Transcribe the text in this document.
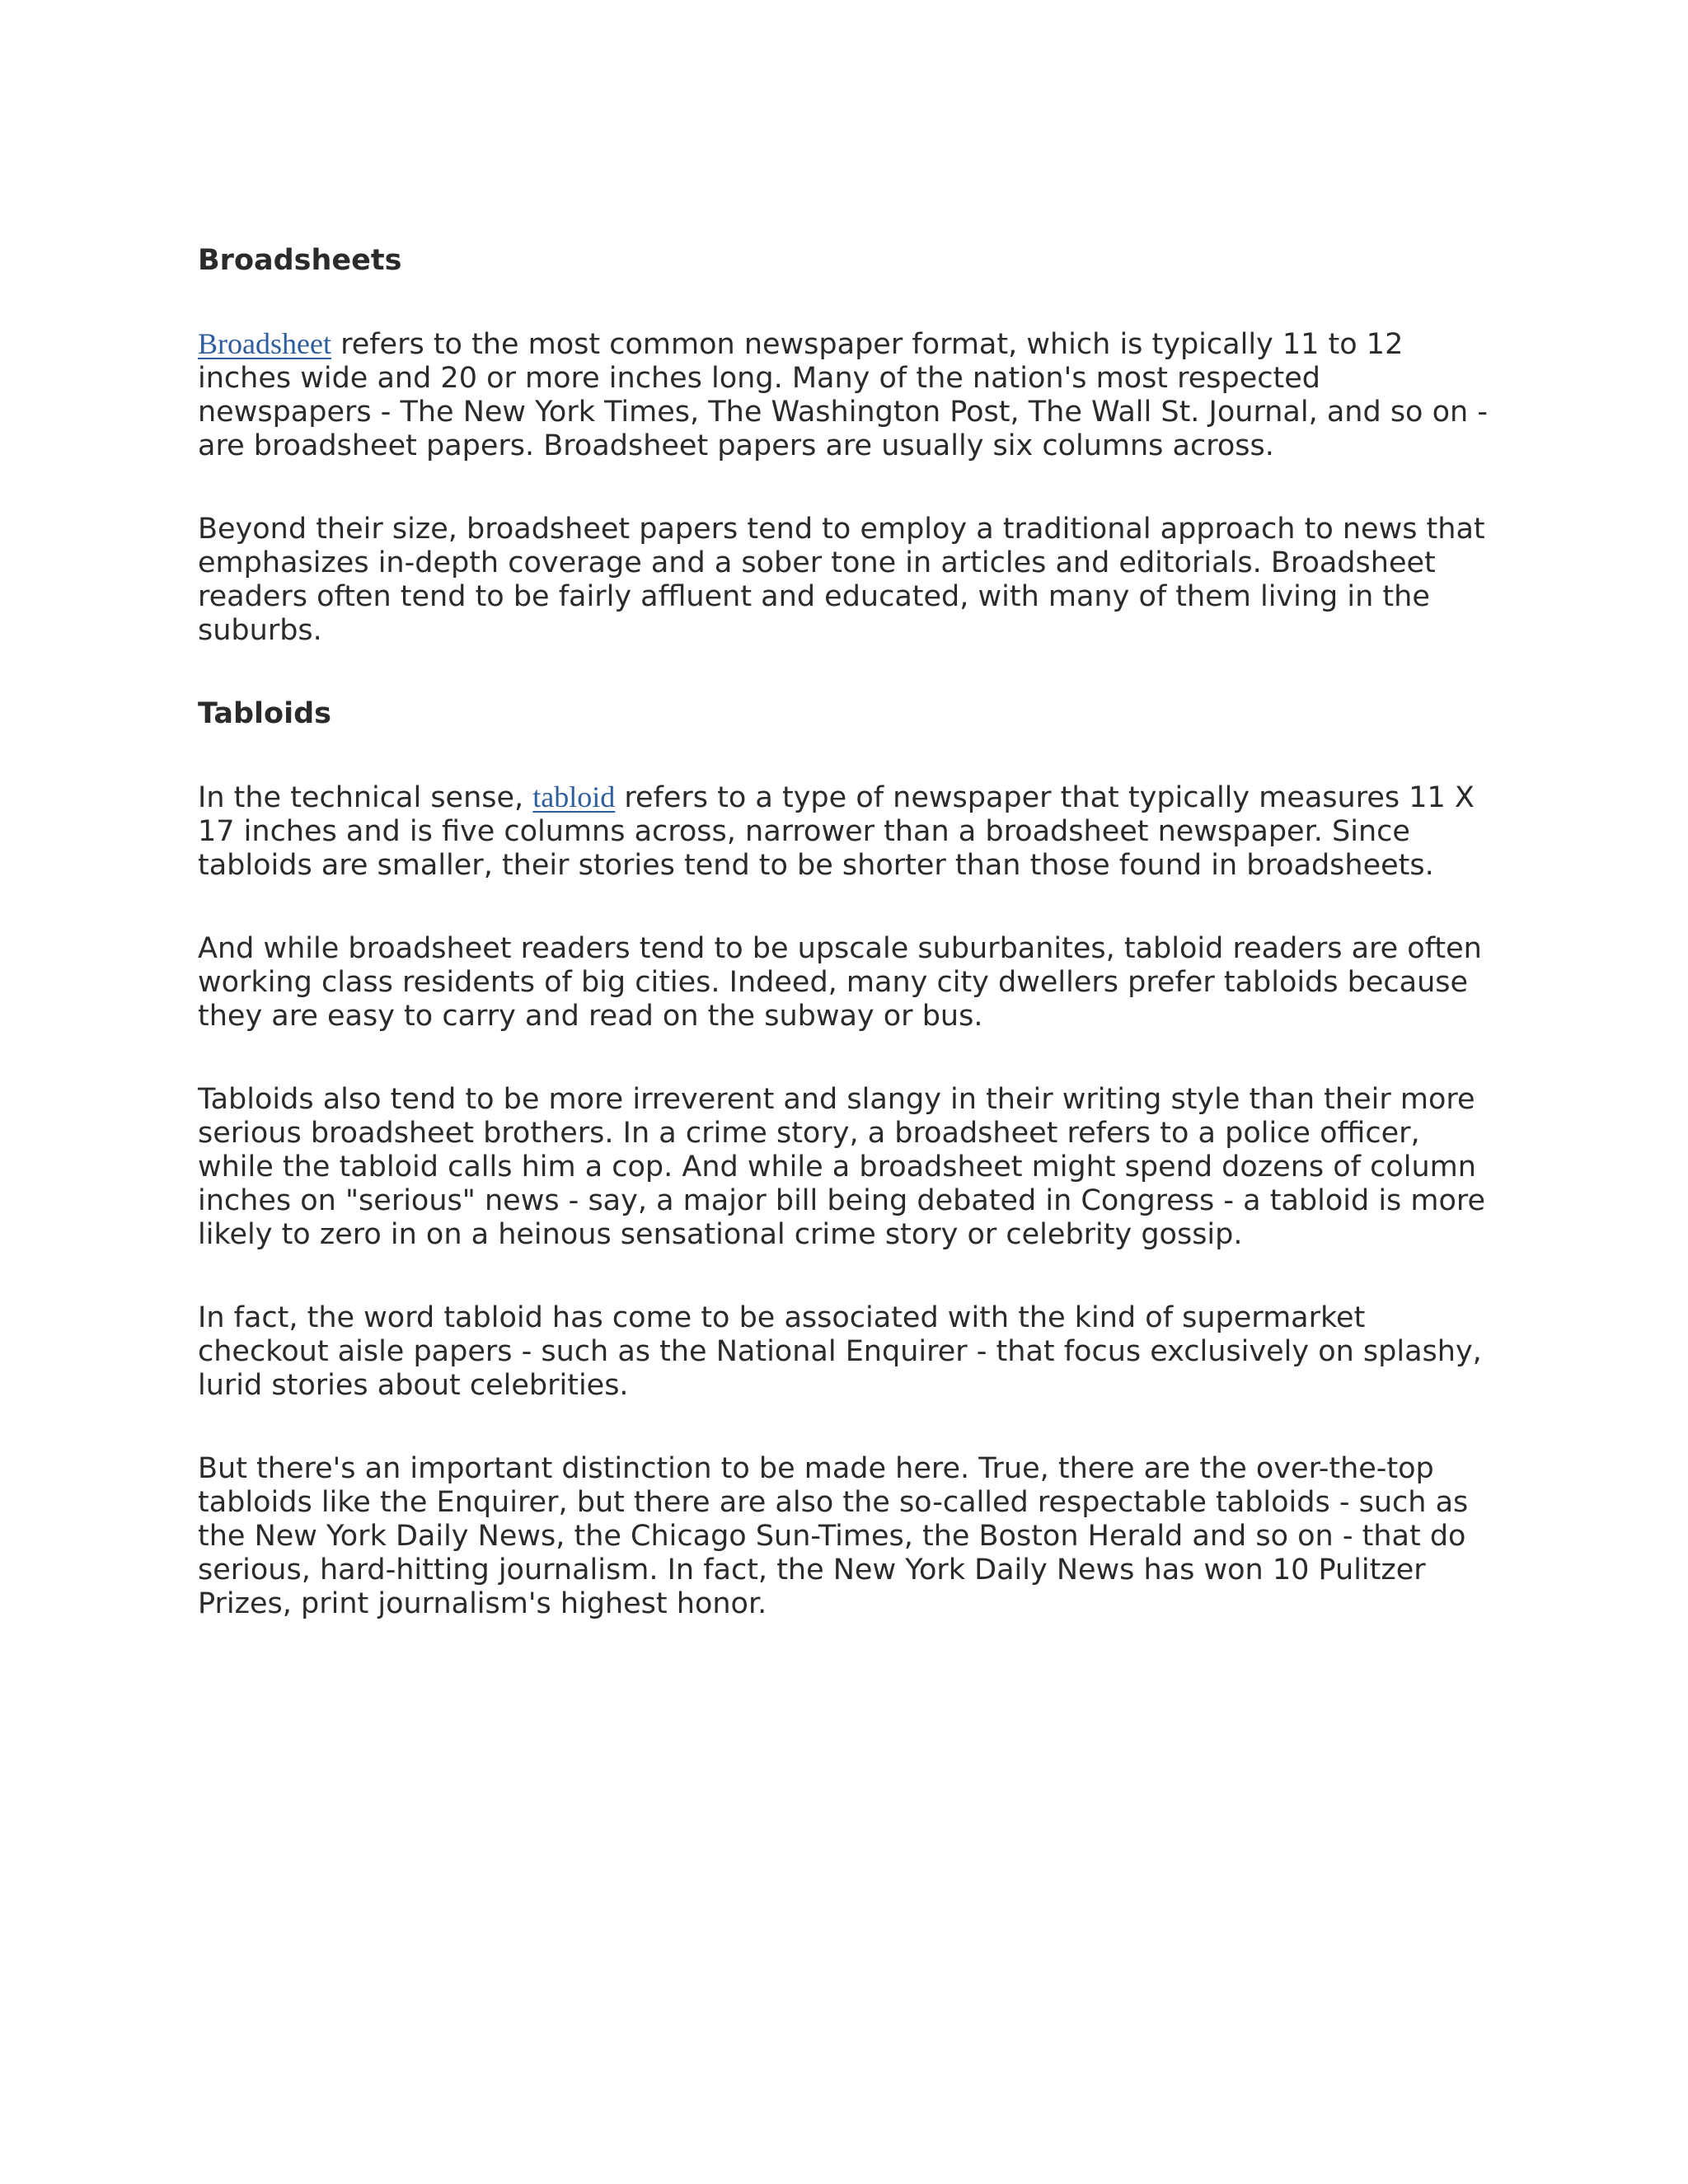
Broadsheets

Broadsheet refers to the most common newspaper format, which is typically 11 to 12 inches wide and 20 or more inches long. Many of the nation's most respected newspapers - The New York Times, The Washington Post, The Wall St. Journal, and so on - are broadsheet papers. Broadsheet papers are usually six columns across.

Beyond their size, broadsheet papers tend to employ a traditional approach to news that emphasizes in-depth coverage and a sober tone in articles and editorials. Broadsheet readers often tend to be fairly affluent and educated, with many of them living in the suburbs.

Tabloids

In the technical sense, tabloid refers to a type of newspaper that typically measures 11 X 17 inches and is five columns across, narrower than a broadsheet newspaper. Since tabloids are smaller, their stories tend to be shorter than those found in broadsheets.

And while broadsheet readers tend to be upscale suburbanites, tabloid readers are often working class residents of big cities. Indeed, many city dwellers prefer tabloids because they are easy to carry and read on the subway or bus.

Tabloids also tend to be more irreverent and slangy in their writing style than their more serious broadsheet brothers. In a crime story, a broadsheet refers to a police officer, while the tabloid calls him a cop. And while a broadsheet might spend dozens of column inches on "serious" news - say, a major bill being debated in Congress - a tabloid is more likely to zero in on a heinous sensational crime story or celebrity gossip.

In fact, the word tabloid has come to be associated with the kind of supermarket checkout aisle papers - such as the National Enquirer - that focus exclusively on splashy, lurid stories about celebrities.

But there's an important distinction to be made here. True, there are the over-the-top tabloids like the Enquirer, but there are also the so-called respectable tabloids - such as the New York Daily News, the Chicago Sun-Times, the Boston Herald and so on - that do serious, hard-hitting journalism. In fact, the New York Daily News has won 10 Pulitzer Prizes, print journalism's highest honor.
